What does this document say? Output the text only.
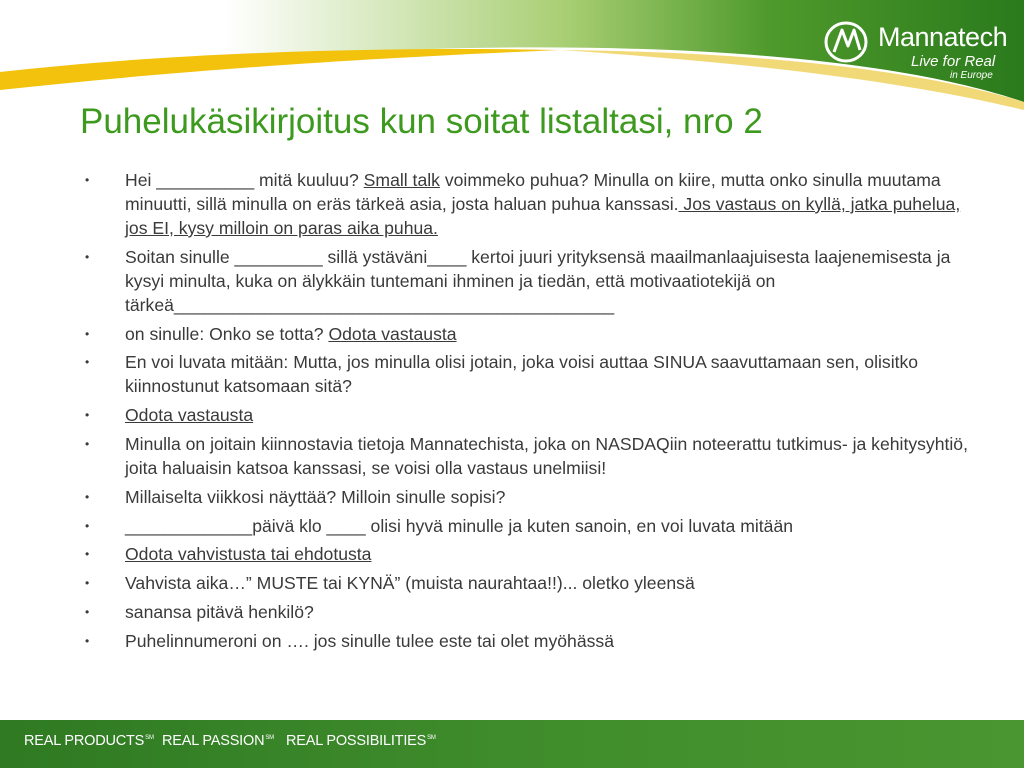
Mannatech
Live for Real
in Europe
Puhelukäsikirjoitus kun soitat listaltasi, nro 2
• Hei __________ mitä kuuluu? Small talk voimmeko puhua? Minulla on kiire, mutta onko sinulla muutama minuutti, sillä minulla on eräs tärkeä asia, josta haluan puhua kanssasi. Jos vastaus on kyllä, jatka puhelua, jos EI, kysy milloin on paras aika puhua.
• Soitan sinulle _________ sillä ystäväni____ kertoi juuri yrityksensä maailmanlaajuisesta laajenemisesta ja kysyi minulta, kuka on älykkäin tuntemani ihminen ja tiedän, että motivaatiotekijä on tärkeä_____________________________________________
• on sinulle: Onko se totta? Odota vastausta
• En voi luvata mitään: Mutta, jos minulla olisi jotain, joka voisi auttaa SINUA saavuttamaan sen, olisitko kiinnostunut katsomaan sitä?
• Odota vastausta
• Minulla on joitain kiinnostavia tietoja Mannatechista, joka on NASDAQiin noteerattu tutkimus- ja kehitysyhtiö, joita haluaisin katsoa kanssasi, se voisi olla vastaus unelmiisi!
• Millaiselta viikkosi näyttää? Milloin sinulle sopisi?
• _____________päivä klo ____ olisi hyvä minulle ja kuten sanoin, en voi luvata mitään
• Odota vahvistusta tai ehdotusta
• Vahvista aika…” MUSTE tai KYNÄ” (muista naurahtaa!!)... oletko yleensä
• sanansa pitävä henkilö?
• Puhelinnumeroni on …. jos sinulle tulee este tai olet myöhässä
REAL PRODUCTS℠ REAL PASSION℠ REAL POSSIBILITIES℠
